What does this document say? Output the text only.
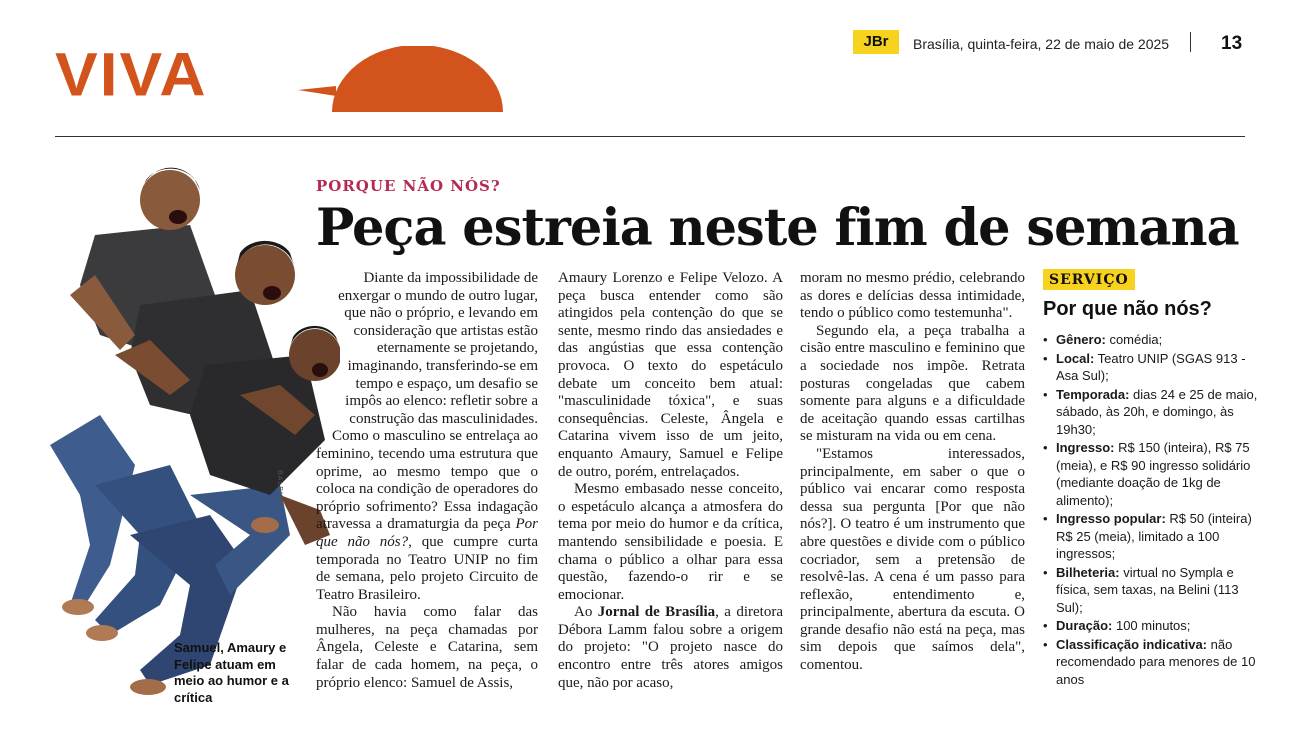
VIVA	JBr	Brasília, quinta-feira, 22 de maio de 2025	13
BALBINO
Samuel, Amaury e Felipe atuam em meio ao humor e a crítica
PORQUE NÃO NÓS?
Peça estreia neste fim de semana

Diante da impossibilidade de enxergar o mundo de outro lugar, que não o próprio, e levando em consideração que artistas estão eternamente se projetando, imaginando, transferindo-se em tempo e espaço, um desafio se impôs ao elenco: refletir sobre a construção das masculinidades.

Como o masculino se entrelaça ao feminino, tecendo uma estrutura que oprime, ao mesmo tempo que o coloca na condição de operadores do próprio sofrimento? Essa indagação atravessa a dramaturgia da peça Por que não nós?, que cumpre curta temporada no Teatro UNIP no fim de semana, pelo projeto Circuito de Teatro Brasileiro.

Não havia como falar das mulheres, na peça chamadas por Ângela, Celeste e Catarina, sem falar de cada homem, na peça, o próprio elenco: Samuel de Assis,

Amaury Lorenzo e Felipe Velozo. A peça busca entender como são atingidos pela contenção do que se sente, mesmo rindo das ansiedades e das angústias que essa contenção provoca. O texto do espetáculo debate um conceito bem atual: "masculinidade tóxica", e suas consequências. Celeste, Ângela e Catarina vivem isso de um jeito, enquanto Amaury, Samuel e Felipe de outro, porém, entrelaçados.

Mesmo embasado nesse conceito, o espetáculo alcança a atmosfera do tema por meio do humor e da crítica, mantendo sensibilidade e poesia. E chama o público a olhar para essa questão, fazendo-o rir e se emocionar.

Ao Jornal de Brasília, a diretora Débora Lamm falou sobre a origem do projeto: "O projeto nasce do encontro entre três atores amigos que, não por acaso,

moram no mesmo prédio, celebrando as dores e delícias dessa intimidade, tendo o público como testemunha".

Segundo ela, a peça trabalha a cisão entre masculino e feminino que a sociedade nos impõe. Retrata posturas congeladas que cabem somente para alguns e a dificuldade de aceitação quando essas cartilhas se misturam na vida ou em cena.

"Estamos interessados, principalmente, em saber o que o público vai encarar como resposta dessa sua pergunta [Por que não nós?]. O teatro é um instrumento que abre questões e divide com o público cocriador, sem a pretensão de resolvê-las. A cena é um passo para reflexão, entendimento e, principalmente, abertura da escuta. O grande desafio não está na peça, mas sim depois que saímos dela", comentou.

SERVIÇO
Por que não nós?
• Gênero: comédia;
• Local: Teatro UNIP (SGAS 913 - Asa Sul);
• Temporada: dias 24 e 25 de maio, sábado, às 20h, e domingo, às 19h30;
• Ingresso: R$ 150 (inteira), R$ 75 (meia), e R$ 90 ingresso solidário (mediante doação de 1kg de alimento);
• Ingresso popular: R$ 50 (inteira) R$ 25 (meia), limitado a 100 ingressos;
• Bilheteria: virtual no Sympla e física, sem taxas, na Belini (113 Sul);
• Duração: 100 minutos;
• Classificação indicativa: não recomendado para menores de 10 anos
